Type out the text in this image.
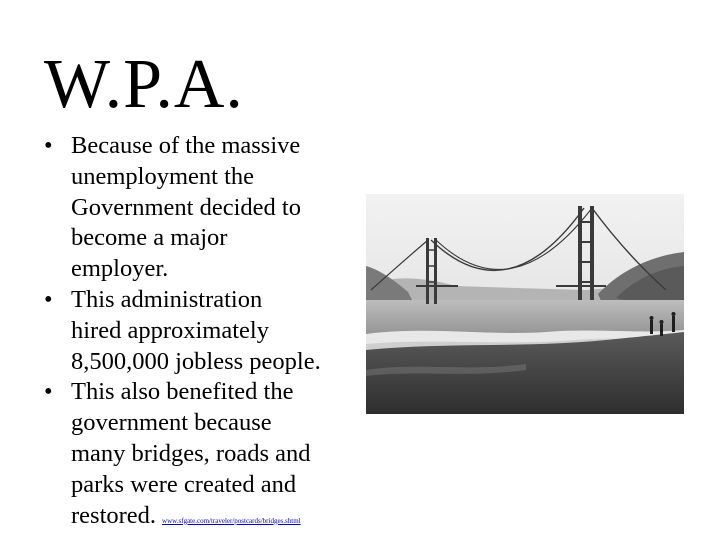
W.P.A.
• Because of the massive
unemployment the
Government decided to
become a major
employer.
• This administration
hired approximately
8,500,000 jobless people.
• This also benefited the
government because
many bridges, roads and
parks were created and
restored. www.sfgate.com/traveler/postcards/bridges.shtml
